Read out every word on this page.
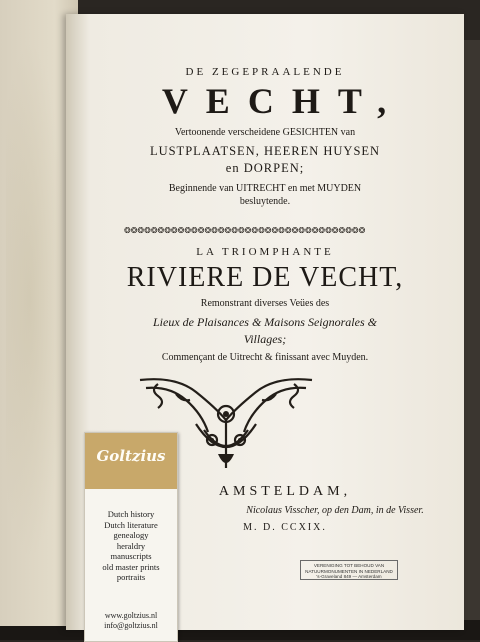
DE ZEGEPRAALENDE
VECHT,
Vertoonende verscheidene GESICHTEN van
LUSTPLAATSEN, HEEREN HUYSEN
en DORPEN;
Beginnende van UITRECHT en met MUYDEN
besluytende.
❂❂❂❂❂❂❂❂❂❂❂❂❂❂❂❂❂❂❂❂❂❂❂❂❂❂❂❂❂❂❂❂❂❂❂❂
LA TRIOMPHANTE
RIVIERE DE VECHT,
Remonstrant diverses Veües des
Lieux de Plaisances & Maisons Seignorales &
Villages;
Commençant de Uitrecht & finissant avec Muyden.
AMSTELDAM,
Nicolaus Visscher, op den Dam, in de Visser.
M. D. CCXIX.
VERENIGING TOT BEHOUD VAN
NATUURMONUMENTEN IN NEDERLAND
's-Graveland 849 — Amsterdam
Goltzius
Dutch history
Dutch literature
genealogy
heraldry
manuscripts
old master prints
portraits
www.goltzius.nl
info@goltzius.nl
